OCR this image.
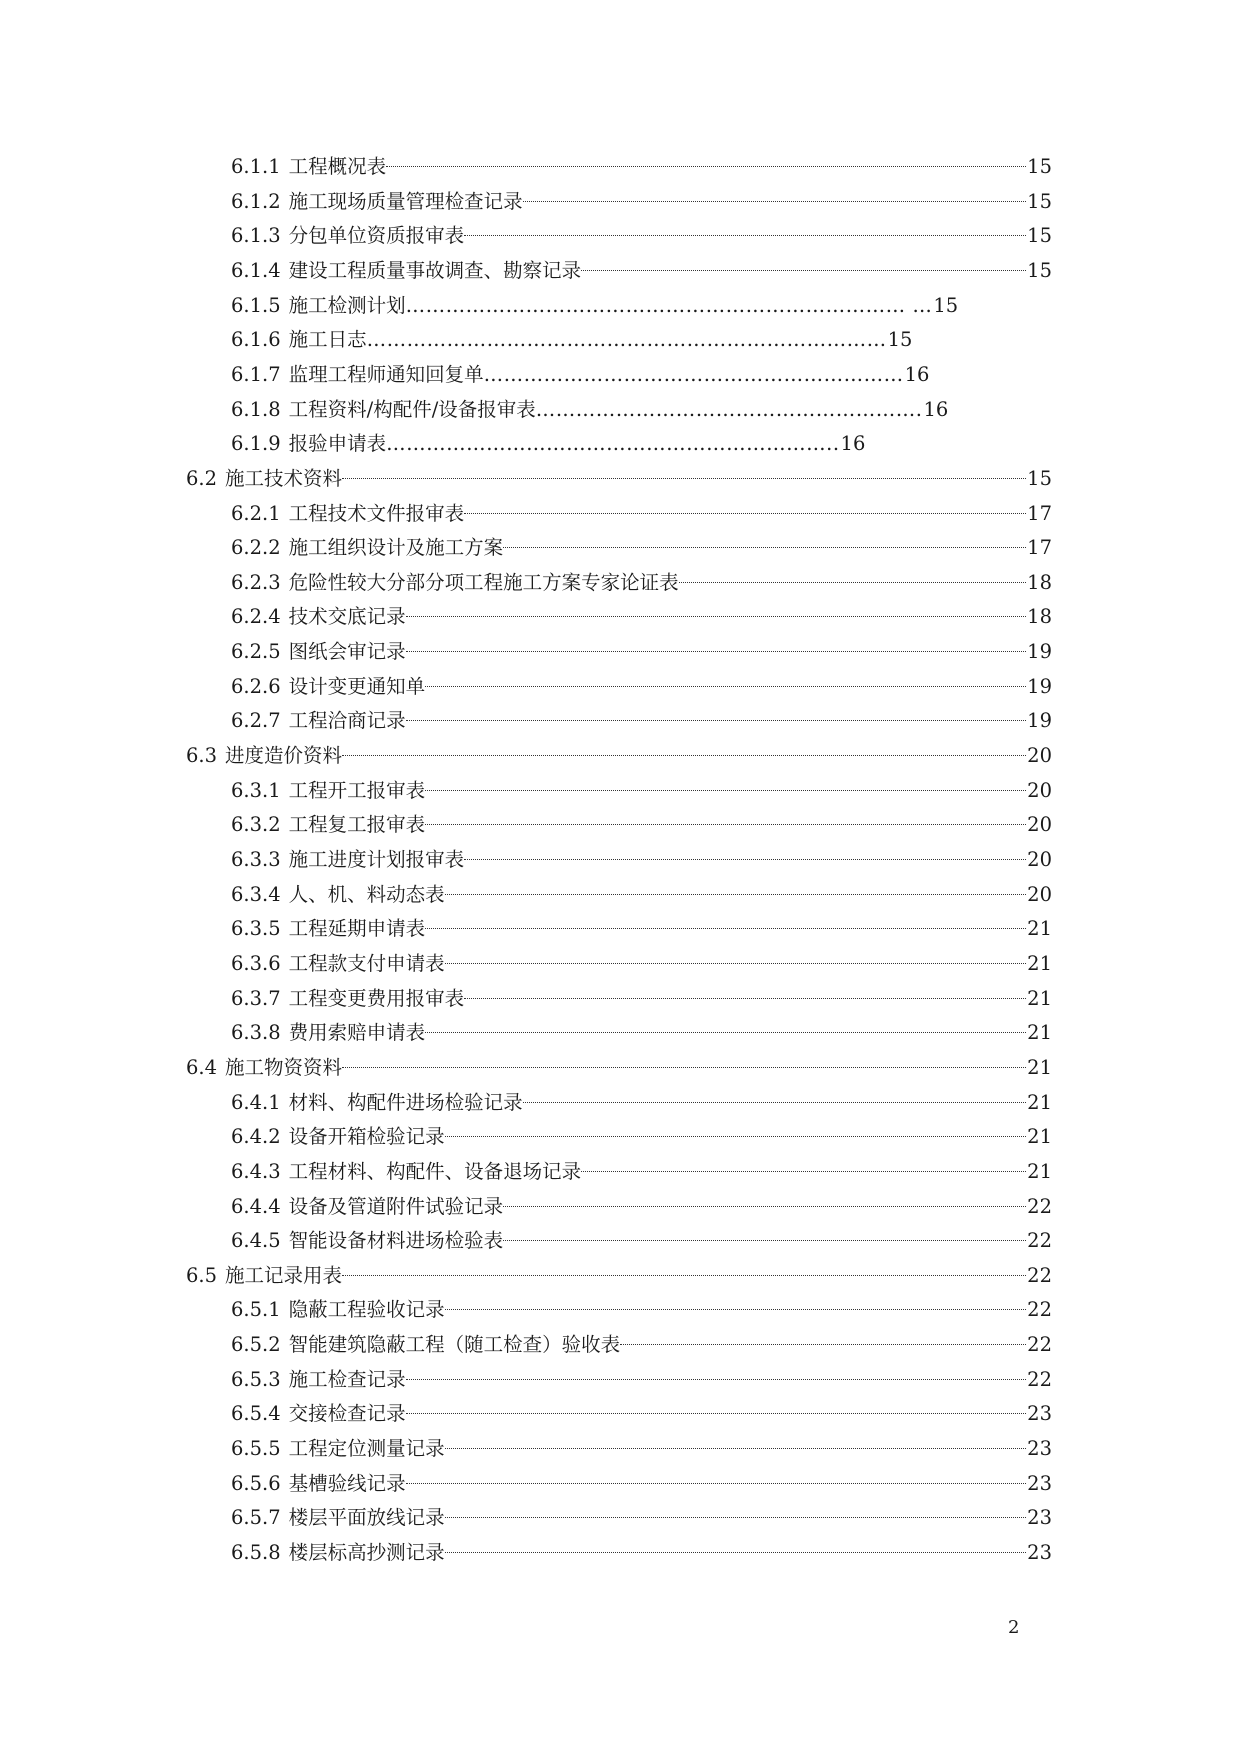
6.1.1 工程概况表	15
6.1.2 施工现场质量管理检查记录	15
6.1.3 分包单位资质报审表	15
6.1.4 建设工程质量事故调查、勘察记录	15
6.1.5 施工检测计划 ………………………………………………………………… … 15
6.1.6 施工日志 …………………………………………………………………… 15
6.1.7 监理工程师通知回复单 ……………………………………………………… 16
6.1.8 工程资料/构配件/设备报审表 …………………………………………………. 16
6.1.9 报验申请表 ………………………………………………………….. 16
6.2 施工技术资料	15
6.2.1 工程技术文件报审表	17
6.2.2 施工组织设计及施工方案	17
6.2.3 危险性较大分部分项工程施工方案专家论证表	18
6.2.4 技术交底记录	18
6.2.5 图纸会审记录	19
6.2.6 设计变更通知单	19
6.2.7 工程洽商记录	19
6.3 进度造价资料	20
6.3.1 工程开工报审表	20
6.3.2 工程复工报审表	20
6.3.3 施工进度计划报审表	20
6.3.4 人、机、料动态表	20
6.3.5 工程延期申请表	21
6.3.6 工程款支付申请表	21
6.3.7 工程变更费用报审表	21
6.3.8 费用索赔申请表	21
6.4 施工物资资料	21
6.4.1 材料、构配件进场检验记录	21
6.4.2 设备开箱检验记录	21
6.4.3 工程材料、构配件、设备退场记录	21
6.4.4 设备及管道附件试验记录	22
6.4.5 智能设备材料进场检验表	22
6.5 施工记录用表	22
6.5.1 隐蔽工程验收记录	22
6.5.2 智能建筑隐蔽工程（随工检查）验收表	22
6.5.3 施工检查记录	22
6.5.4 交接检查记录	23
6.5.5 工程定位测量记录	23
6.5.6 基槽验线记录	23
6.5.7 楼层平面放线记录	23
6.5.8 楼层标高抄测记录	23
2
